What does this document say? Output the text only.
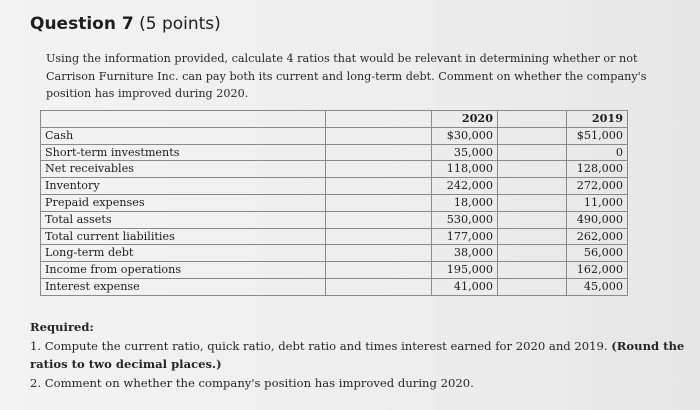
Question 7 (5 points)
Using the information provided, calculate 4 ratios that would be relevant in determining whether or not Carrison Furniture Inc. can pay both its current and long-term debt. Comment on whether the company's position has improved during 2020.
		2020		2019
Cash		$30,000		$51,000
Short-term investments		35,000		0
Net receivables		118,000		128,000
Inventory		242,000		272,000
Prepaid expenses		18,000		11,000
Total assets		530,000		490,000
Total current liabilities		177,000		262,000
Long-term debt		38,000		56,000
Income from operations		195,000		162,000
Interest expense		41,000		45,000
Required:
1. Compute the current ratio, quick ratio, debt ratio and times interest earned for 2020 and 2019. (Round the ratios to two decimal places.)
2. Comment on whether the company's position has improved during 2020.
